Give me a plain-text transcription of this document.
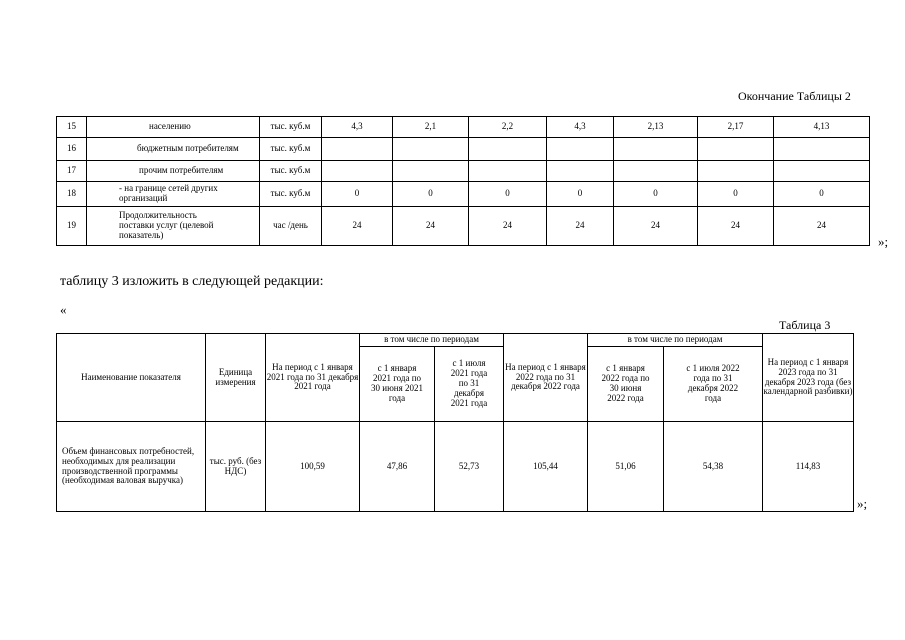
Окончание Таблицы 2
15	населению	тыс. куб.м	4,3	2,1	2,2	4,3	2,13	2,17	4,13
16	бюджетным потребителям	тыс. куб.м							
17	прочим потребителям	тыс. куб.м							
18	- на границе сетей других организаций	тыс. куб.м	0	0	0	0	0	0	0
19	Продолжительность поставки услуг (целевой показатель)	час /день	24	24	24	24	24	24	24
»;
таблицу 3 изложить в следующей редакции:
«
Таблица 3
Наименование показателя	Единица измерения	На период с 1 января 2021 года по 31 декабря 2021 года	в том числе по периодам		На период с 1 января 2022 года по 31 декабря 2022 года	в том числе по периодам		На период с 1 января 2023 года по 31 декабря 2023 года (без календарной разбивки)
			с 1 января 2021 года по 30 июня 2021 года	с 1 июля 2021 года по 31 декабря 2021 года		с 1 января 2022 года по 30 июня 2022 года	с 1 июля 2022 года по 31 декабря 2022 года	
Объем финансовых потребностей, необходимых для реализации производственной программы (необходимая валовая выручка)	тыс. руб. (без НДС)	100,59	47,86	52,73	105,44	51,06	54,38	114,83
»;
